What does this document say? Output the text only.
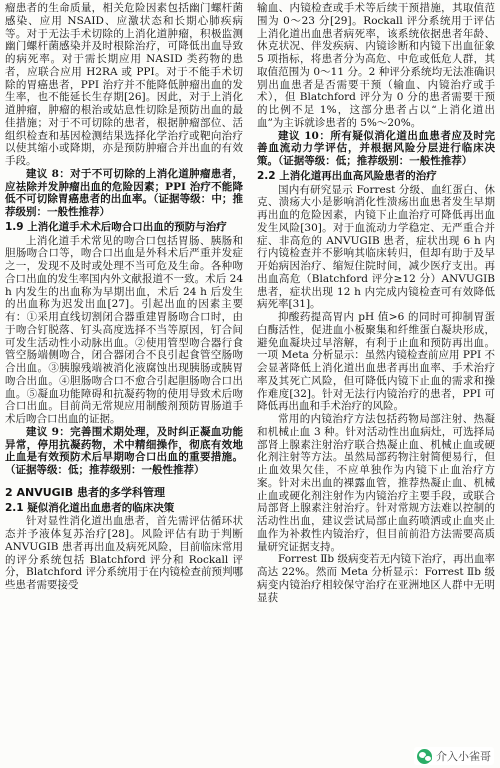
瘤患者的生命质量，相关危险因素包括幽门螺杆菌感染、应用 NSAID、应激状态和长期心肺疾病等。对于无法手术切除的上消化道肿瘤，积极监测幽门螺杆菌感染并及时根除治疗，可降低出血导致的病死率。对于需长期应用 NASID 类药物的患者，应联合应用 H2RA 或 PPI。对于不能手术切除的胃癌患者，PPI 治疗并不能降低肿瘤出血的发生率，也不能延长生存期[26]。因此，对于上消化道肿瘤，肿瘤的根治或姑息性切除是预防出血的最佳措施；对于不可切除的患者，根据肿瘤部位、活组织检查和基因检测结果选择化学治疗或靶向治疗以使其缩小或降期，亦是预防肿瘤合并出血的有效手段。

建议 8：对于不可切除的上消化道肿瘤患者，应祛除并发肿瘤出血的危险因素；PPI 治疗不能降低不可切除胃癌患者的出血率。（证据等级：中；推荐级别：一般性推荐）

1.9 上消化道手术术后吻合口出血的预防与治疗

上消化道手术常见的吻合口包括胃肠、胰肠和胆肠吻合口等，吻合口出血是外科术后严重并发症之一，发现不及时或处理不当可危及生命。各种吻合口出血的发生率国内外文献报道不一致。术后 24 h 内发生的出血称为早期出血，术后 24 h 后发生的出血称为迟发出血[27]。引起出血的因素主要有：①采用直线切割闭合器重建胃肠吻合口时，由于吻合钉脱落、钉头高度选择不当等原因，钉合间可发生活动性小动脉出血。②使用管型吻合器行食管空肠端侧吻合，闭合器闭合不良引起食管空肠吻合出血。③胰腺残端被消化液腐蚀出现胰肠或胰胃吻合出血。④胆肠吻合口不愈合引起胆肠吻合口出血。⑤凝血功能障碍和抗凝药物的使用导致术后吻合口出血。目前尚无常规应用制酸剂预防胃肠道手术后吻合口出血的证据。

建议 9：完善围术期处理，及时纠正凝血功能异常，停用抗凝药物，术中精细操作，彻底有效地止血是有效预防术后早期吻合口出血的重要措施。（证据等级：低；推荐级别：一般性推荐）

2 ANVUGIB 患者的多学科管理
2.1 疑似消化道出血患者的临床决策

针对显性消化道出血患者，首先需评估循环状态并予液体复苏治疗[28]。风险评估有助于判断 ANVUGIB 患者再出血及病死风险，目前临床常用的评分系统包括 Blatchford 评分和 Rockall 评分，Blatchford 评分系统用于在内镜检查前预判哪些患者需要接受

输血、内镜检查或手术等后续干预措施，其取值范围为 0～23 分[29]。Rockall 评分系统用于评估上消化道出血患者病死率，该系统依据患者年龄、休克状况、伴发疾病、内镜诊断和内镜下出血征象 5 项指标，将患者分为高危、中危或低危人群，其取值范围为 0～11 分。2 种评分系统均无法准确识别出血患者是否需要干预（输血、内镜治疗或手术），但 Blatchford 评分为 0 分的患者需要干预的比例不足 1%，这部分患者占以“上消化道出血”为主诉就诊患者的 5%～20%。

建议 10：所有疑似消化道出血患者应及时完善血流动力学评估，并根据风险分层进行临床决策。（证据等级：低；推荐级别：一般性推荐）

2.2 上消化道再出血高风险患者的治疗

国内有研究显示 Forrest 分级、血红蛋白、休克、溃疡大小是影响消化性溃疡出血患者发生早期再出血的危险因素，内镜下止血治疗可降低再出血发生风险[30]。对于血流动力学稳定、无严重合并症、非高危的 ANVUGIB 患者，症状出现 6 h 内行内镜检查并不影响其临床转归，但却有助于及早开始病因治疗、缩短住院时间，减少医疗支出。再出血高危（Blatchford 评分≥12 分）ANVUGIB 患者，症状出现 12 h 内完成内镜检查可有效降低病死率[31]。

抑酸药提高胃内 pH 值>6 的同时可抑制胃蛋白酶活性，促进血小板聚集和纤维蛋白凝块形成，避免血凝块过早溶解，有利于止血和预防再出血。一项 Meta 分析显示：虽然内镜检查前应用 PPI 不会显著降低上消化道出血患者再出血率、手术治疗率及其死亡风险，但可降低内镜下止血的需求和操作难度[32]。针对无法行内镜治疗的患者，PPI 可降低再出血和手术治疗的风险。

常用的内镜治疗方法包括药物局部注射、热凝和机械止血 3 种。针对活动性出血病灶，可选择局部肾上腺素注射治疗联合热凝止血、机械止血或硬化剂注射等方法。虽然局部药物注射简便易行，但止血效果欠佳，不应单独作为内镜下止血治疗方案。针对未出血的裸露血管，推荐热凝止血、机械止血或硬化剂注射作为内镜治疗主要手段，或联合局部肾上腺素注射治疗。针对常规方法难以控制的活动性出血，建议尝试局部止血药喷洒或止血夹止血作为补救性内镜治疗，但目前前沿方法需要高质量研究证据支持。

Forrest Ⅱb 级病变若无内镜下治疗，再出血率高达 22%。然而 Meta 分析显示：Forrest Ⅱb 级病变内镜治疗相较保守治疗在亚洲地区人群中无明显获

介入小雀哥
